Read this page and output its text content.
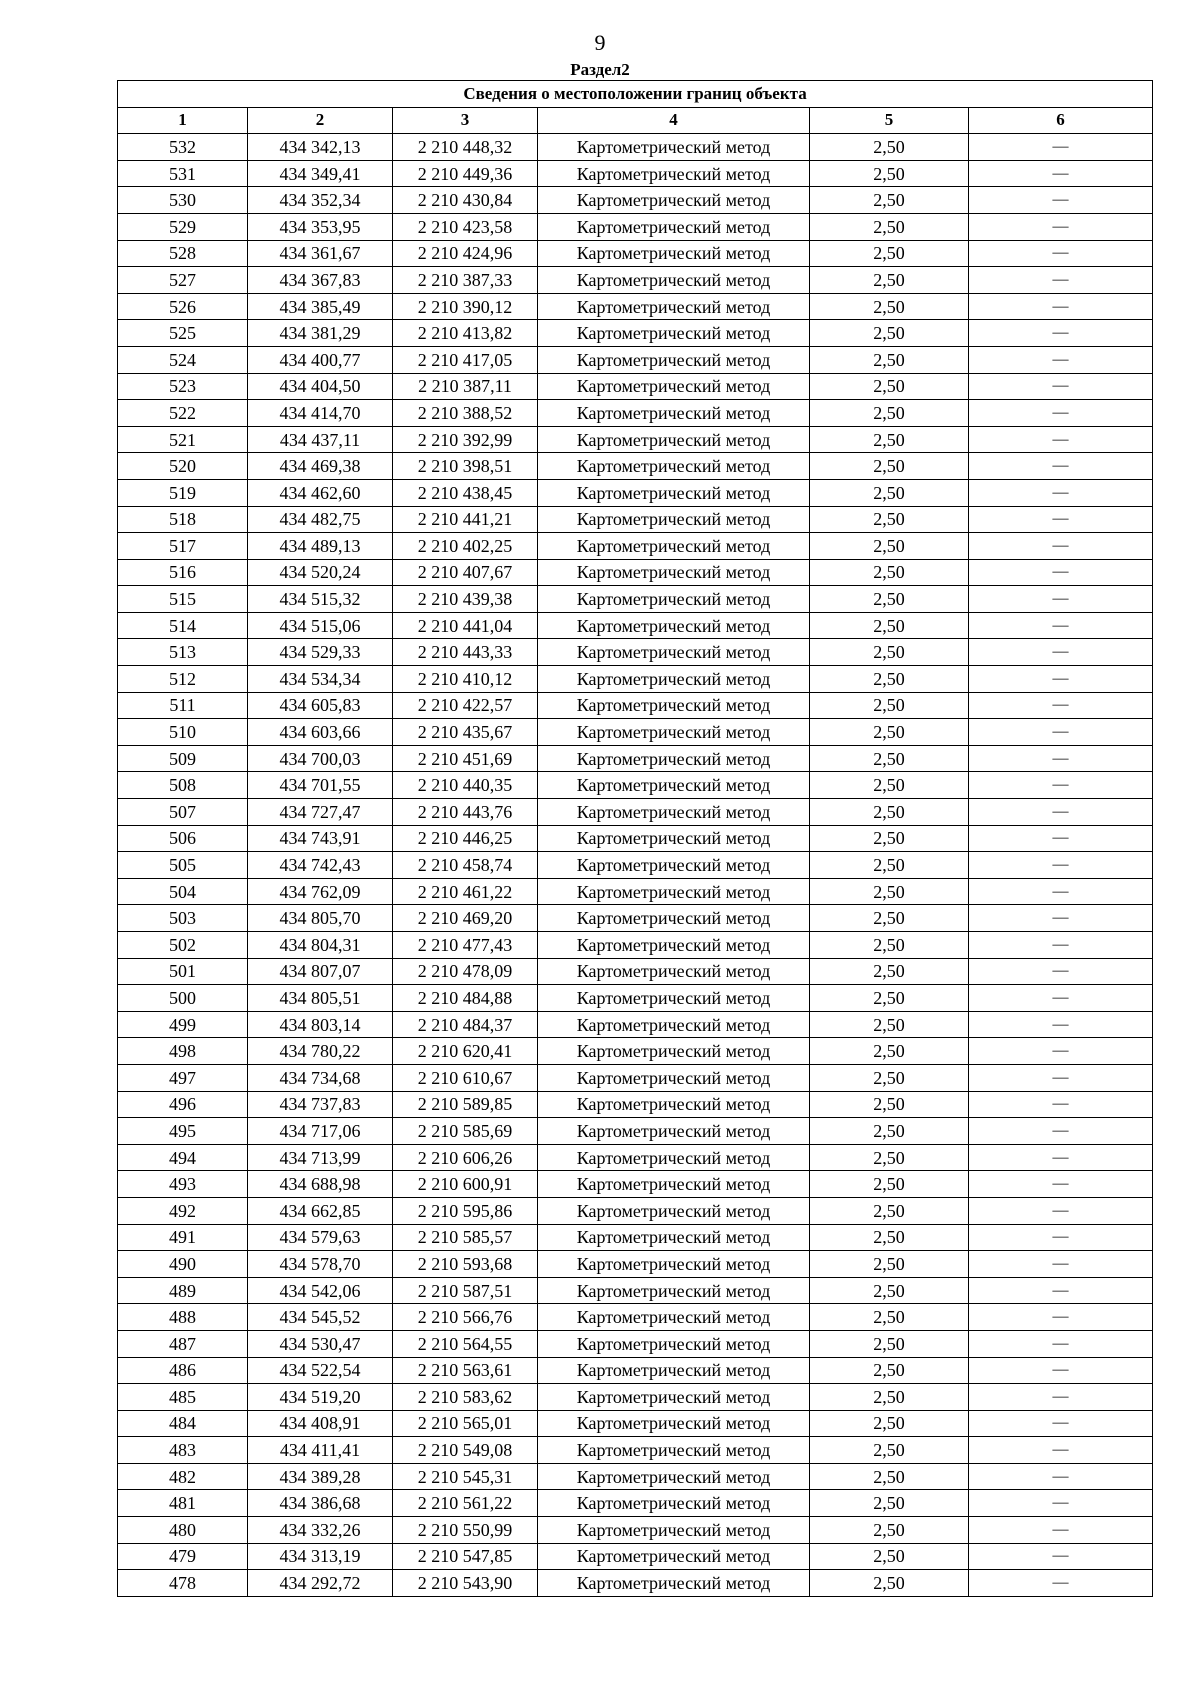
9
Раздел2
Сведения о местоположении границ объекта					
1	2	3	4	5	6
532	434 342,13	2 210 448,32	Картометрический метод	2,50	—
531	434 349,41	2 210 449,36	Картометрический метод	2,50	—
530	434 352,34	2 210 430,84	Картометрический метод	2,50	—
529	434 353,95	2 210 423,58	Картометрический метод	2,50	—
528	434 361,67	2 210 424,96	Картометрический метод	2,50	—
527	434 367,83	2 210 387,33	Картометрический метод	2,50	—
526	434 385,49	2 210 390,12	Картометрический метод	2,50	—
525	434 381,29	2 210 413,82	Картометрический метод	2,50	—
524	434 400,77	2 210 417,05	Картометрический метод	2,50	—
523	434 404,50	2 210 387,11	Картометрический метод	2,50	—
522	434 414,70	2 210 388,52	Картометрический метод	2,50	—
521	434 437,11	2 210 392,99	Картометрический метод	2,50	—
520	434 469,38	2 210 398,51	Картометрический метод	2,50	—
519	434 462,60	2 210 438,45	Картометрический метод	2,50	—
518	434 482,75	2 210 441,21	Картометрический метод	2,50	—
517	434 489,13	2 210 402,25	Картометрический метод	2,50	—
516	434 520,24	2 210 407,67	Картометрический метод	2,50	—
515	434 515,32	2 210 439,38	Картометрический метод	2,50	—
514	434 515,06	2 210 441,04	Картометрический метод	2,50	—
513	434 529,33	2 210 443,33	Картометрический метод	2,50	—
512	434 534,34	2 210 410,12	Картометрический метод	2,50	—
511	434 605,83	2 210 422,57	Картометрический метод	2,50	—
510	434 603,66	2 210 435,67	Картометрический метод	2,50	—
509	434 700,03	2 210 451,69	Картометрический метод	2,50	—
508	434 701,55	2 210 440,35	Картометрический метод	2,50	—
507	434 727,47	2 210 443,76	Картометрический метод	2,50	—
506	434 743,91	2 210 446,25	Картометрический метод	2,50	—
505	434 742,43	2 210 458,74	Картометрический метод	2,50	—
504	434 762,09	2 210 461,22	Картометрический метод	2,50	—
503	434 805,70	2 210 469,20	Картометрический метод	2,50	—
502	434 804,31	2 210 477,43	Картометрический метод	2,50	—
501	434 807,07	2 210 478,09	Картометрический метод	2,50	—
500	434 805,51	2 210 484,88	Картометрический метод	2,50	—
499	434 803,14	2 210 484,37	Картометрический метод	2,50	—
498	434 780,22	2 210 620,41	Картометрический метод	2,50	—
497	434 734,68	2 210 610,67	Картометрический метод	2,50	—
496	434 737,83	2 210 589,85	Картометрический метод	2,50	—
495	434 717,06	2 210 585,69	Картометрический метод	2,50	—
494	434 713,99	2 210 606,26	Картометрический метод	2,50	—
493	434 688,98	2 210 600,91	Картометрический метод	2,50	—
492	434 662,85	2 210 595,86	Картометрический метод	2,50	—
491	434 579,63	2 210 585,57	Картометрический метод	2,50	—
490	434 578,70	2 210 593,68	Картометрический метод	2,50	—
489	434 542,06	2 210 587,51	Картометрический метод	2,50	—
488	434 545,52	2 210 566,76	Картометрический метод	2,50	—
487	434 530,47	2 210 564,55	Картометрический метод	2,50	—
486	434 522,54	2 210 563,61	Картометрический метод	2,50	—
485	434 519,20	2 210 583,62	Картометрический метод	2,50	—
484	434 408,91	2 210 565,01	Картометрический метод	2,50	—
483	434 411,41	2 210 549,08	Картометрический метод	2,50	—
482	434 389,28	2 210 545,31	Картометрический метод	2,50	—
481	434 386,68	2 210 561,22	Картометрический метод	2,50	—
480	434 332,26	2 210 550,99	Картометрический метод	2,50	—
479	434 313,19	2 210 547,85	Картометрический метод	2,50	—
478	434 292,72	2 210 543,90	Картометрический метод	2,50	—
